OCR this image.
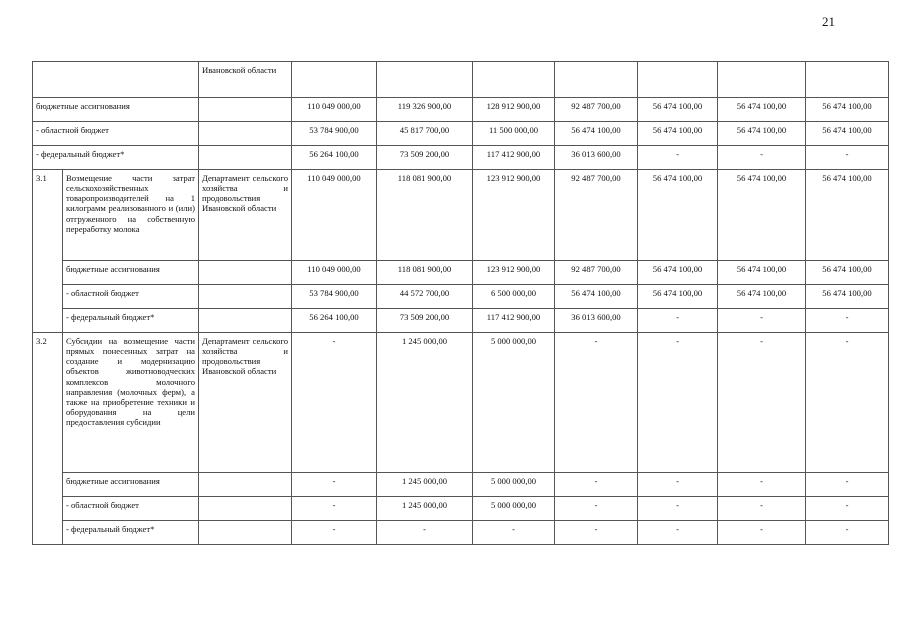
21
		Ивановской области							
бюджетные ассигнования			110 049 000,00	119 326 900,00	128 912 900,00	92 487 700,00	56 474 100,00	56 474 100,00	56 474 100,00
- областной бюджет			53 784 900,00	45 817 700,00	11 500 000,00	56 474 100,00	56 474 100,00	56 474 100,00	56 474 100,00
- федеральный бюджет*			56 264 100,00	73 509 200,00	117 412 900,00	36 013 600,00	-	-	-
3.1	Возмещение части затрат сельскохозяйственных товаропроизводителей на 1 килограмм реализованного и (или) отгруженного на собственную переработку молока	Департамент сельского хозяйства и продовольствия Ивановской области	110 049 000,00	118 081 900,00	123 912 900,00	92 487 700,00	56 474 100,00	56 474 100,00	56 474 100,00
	бюджетные ассигнования		110 049 000,00	118 081 900,00	123 912 900,00	92 487 700,00	56 474 100,00	56 474 100,00	56 474 100,00
	- областной бюджет		53 784 900,00	44 572 700,00	6 500 000,00	56 474 100,00	56 474 100,00	56 474 100,00	56 474 100,00
	- федеральный бюджет*		56 264 100,00	73 509 200,00	117 412 900,00	36 013 600,00	-	-	-
3.2	Субсидии на возмещение части прямых понесенных затрат на создание и модернизацию объектов животноводческих комплексов молочного направления (молочных ферм), а также на приобретение техники и оборудования на цели предоставления субсидии	Департамент сельского хозяйства и продовольствия Ивановской области	-	1 245 000,00	5 000 000,00	-	-	-	-
	бюджетные ассигнования		-	1 245 000,00	5 000 000,00	-	-	-	-
	- областной бюджет		-	1 245 000,00	5 000 000,00	-	-	-	-
	- федеральный бюджет*		-	-	-	-	-	-	-
